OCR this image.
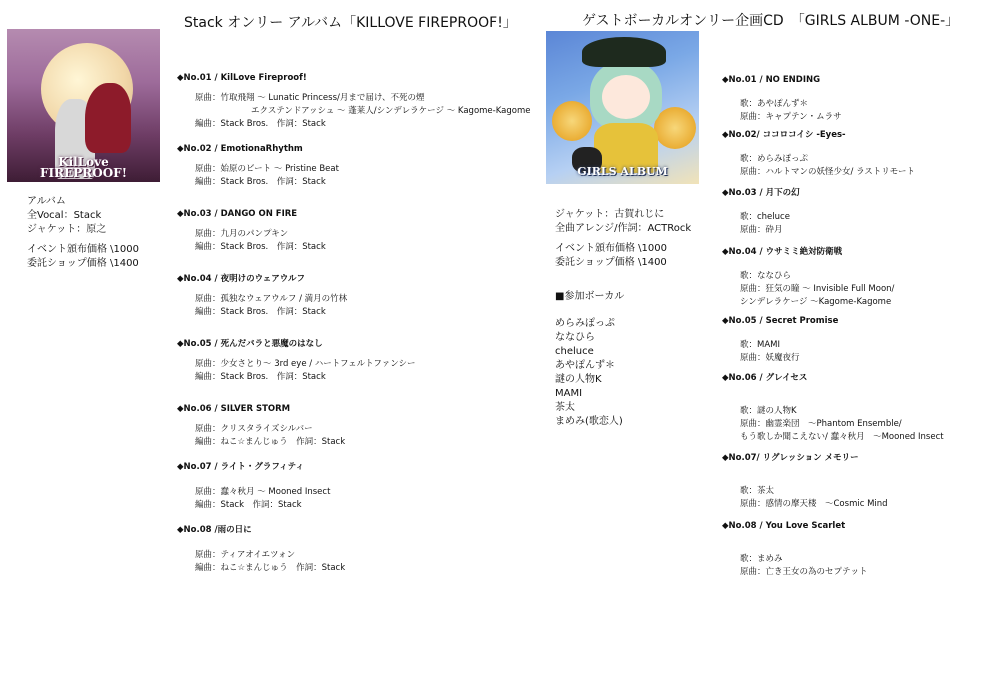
Stack オンリー アルバム「KILLOVE FIREPROOF!」
KilLove
FIREPROOF!
アルバム
全Vocal：Stack
ジャケット：原之
イベント頒布価格 \1000
委託ショップ価格 \1400
◆No.01 / KilLove Fireproof!
原曲：竹取飛翔 ～ Lunatic Princess/月まで届け、不死の煙
エクステンドアッシュ ～ 蓬莱人/シンデレラケージ ～ Kagome-Kagome
編曲：Stack Bros.　作詞：Stack
◆No.02 / EmotionaRhythm
原曲：始原のビート ～ Pristine Beat
編曲：Stack Bros.　作詞：Stack
◆No.03 / DANGO ON FIRE
原曲：九月のパンプキン
編曲：Stack Bros.　作詞：Stack
◆No.04 / 夜明けのウェアウルフ
原曲：孤独なウェアウルフ / 満月の竹林
編曲：Stack Bros.　作詞：Stack
◆No.05 / 死んだバラと悪魔のはなし
原曲：少女さとり～ 3rd eye / ハートフェルトファンシー
編曲：Stack Bros.　作詞：Stack
◆No.06 / SILVER STORM
原曲：クリスタライズシルバー
編曲：ねこ☆まんじゅう　作詞：Stack
◆No.07 / ライト・グラフィティ
原曲：蠢々秋月 ～ Mooned Insect
編曲：Stack　作詞：Stack
◆No.08 /雨の日に
原曲：ティアオイエツォン
編曲：ねこ☆まんじゅう　作詞：Stack
ゲストボーカルオンリー企画CD　「GIRLS ALBUM -ONE-」
GIRLS ALBUM
ジャケット：古賀れじに
全曲アレンジ/作詞：ACTRock
イベント頒布価格 \1000
委託ショップ価格 \1400
■参加ボーカル
めらみぽっぷ
ななひら
cheluce
あやぽんず＊
謎の人物K
MAMI
茶太
まめみ(歌恋人)
◆No.01 / NO ENDING
歌：あやぽんず＊
原曲：キャプテン・ムラサ
◆No.02/ ココロコイシ -Eyes-
歌：めらみぽっぷ
原曲：ハルトマンの妖怪少女/ ラストリモート
◆No.03 / 月下の幻
歌：cheluce
原曲：砕月
◆No.04 / ウサミミ絶対防衛戦
歌：ななひら
原曲：狂気の瞳 ～ Invisible Full Moon/
シンデレラケージ ～Kagome-Kagome
◆No.05 / Secret Promise
歌：MAMI
原曲：妖魔夜行
◆No.06 / グレイセス
歌：謎の人物K
原曲：幽霊楽団　～Phantom Ensemble/
もう歌しか聞こえない/ 蠢々秋月　～Mooned Insect
◆No.07/ リグレッション メモリー
歌：茶太
原曲：感情の摩天楼　～Cosmic Mind
◆No.08 / You Love Scarlet
歌：まめみ
原曲：亡き王女の為のセプテット
